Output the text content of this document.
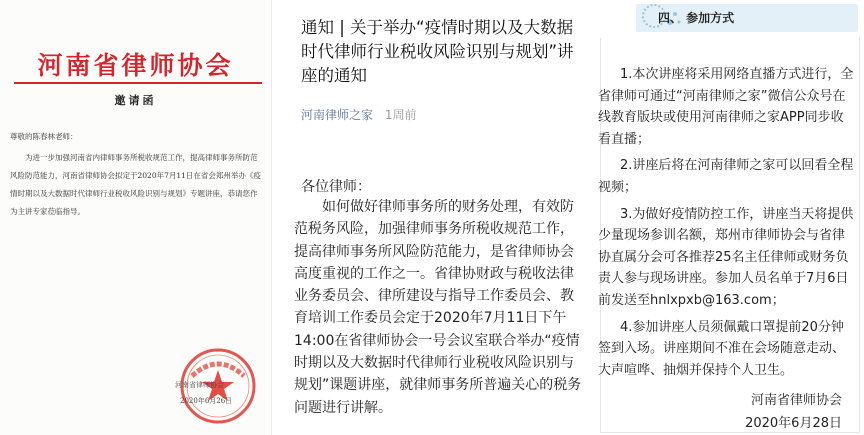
河南省律师协会
邀请函
尊敬的陈春林老师：
为进一步加强河南省内律师事务所税收规范工作，提高律师事务所防范风险防范能力，河南省律师协会拟定于2020年7月11日在省会郑州举办《疫情时期以及大数据时代律师行业税收风险识别与规划》专题讲座，恭请您作为主讲专家莅临指导。
河南省律师协会
2020年6月26日
通知 | 关于举办“疫情时期以及大数据时代律师行业税收风险识别与规划”讲座的通知
河南律师之家 1周前
各位律师：

如何做好律师事务所的财务处理，有效防范税务风险，加强律师事务所税收规范工作，提高律师事务所风险防范能力，是省律师协会高度重视的工作之一。省律协财政与税收法律业务委员会、律所建设与指导工作委员会、教育培训工作委员会定于2020年7月11日下午14:00在省律师协会一号会议室联合举办“疫情时期以及大数据时代律师行业税收风险识别与规划”课题讲座，就律师事务所普遍关心的税务问题进行讲解。

四、 参加方式

1.本次讲座将采用网络直播方式进行，全省律师可通过“河南律师之家”微信公众号在线教育版块或使用河南律师之家APP同步收看直播；

2.讲座后将在河南律师之家可以回看全程视频；

3.为做好疫情防控工作，讲座当天将提供少量现场参训名额，郑州市律师协会与省律协直属分会可各推荐25名主任律师或财务负责人参与现场讲座。参加人员名单于7月6日前发送至hnlxpxb@163.com；

4.参加讲座人员须佩戴口罩提前20分钟签到入场。讲座期间不准在会场随意走动、大声喧哗、抽烟并保持个人卫生。

河南省律师协会
2020年6月28日
